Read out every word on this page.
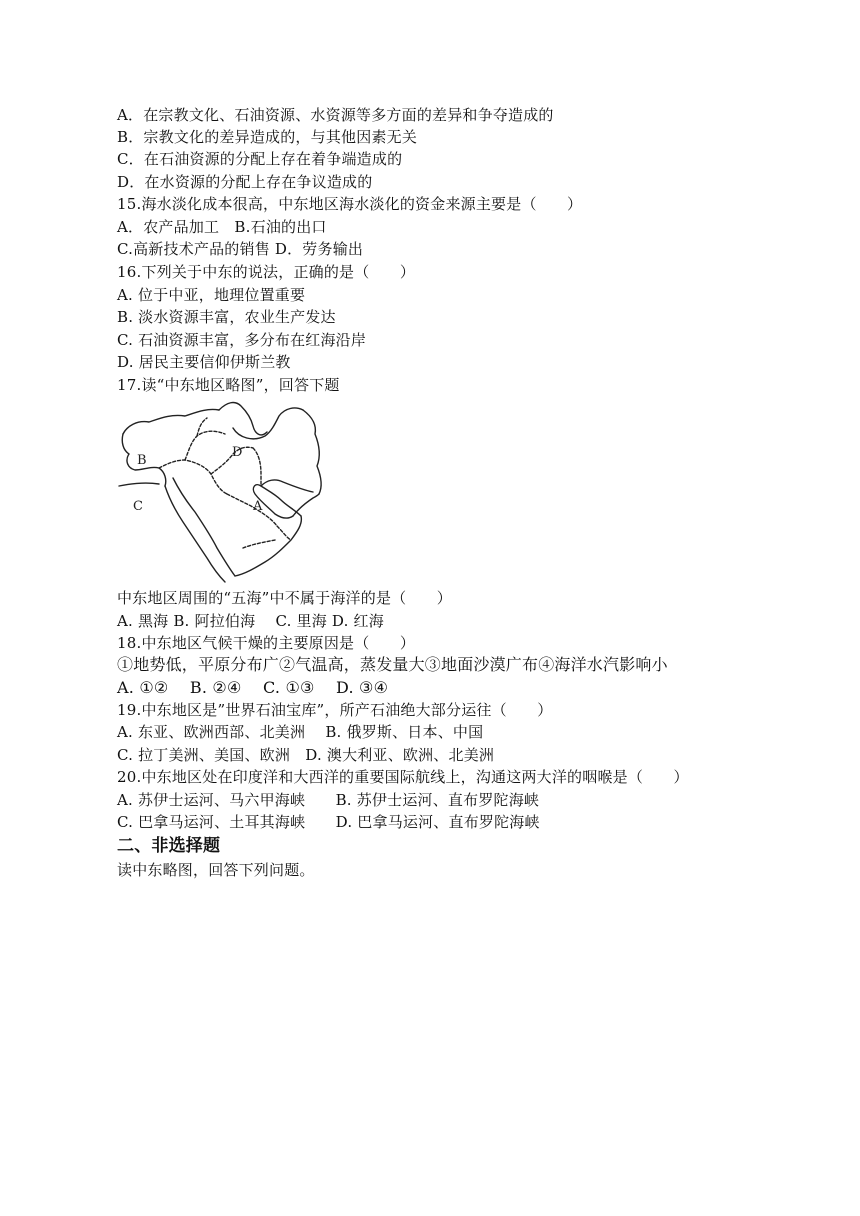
A．在宗教文化、石油资源、水资源等多方面的差异和争夺造成的
B．宗教文化的差异造成的，与其他因素无关
C．在石油资源的分配上存在着争端造成的
D．在水资源的分配上存在争议造成的
15.海水淡化成本很高，中东地区海水淡化的资金来源主要是（　　）
A．农产品加工　B.石油的出口
C.高新技术产品的销售 D．劳务输出
16.下列关于中东的说法，正确的是（　　）
A. 位于中亚，地理位置重要
B. 淡水资源丰富，农业生产发达
C. 石油资源丰富，多分布在红海沿岸
D. 居民主要信仰伊斯兰教
17.读“中东地区略图”，回答下题
B
D
C	A
中东地区周围的“五海”中不属于海洋的是（　　）
A. 黑海 B. 阿拉伯海　 C. 里海 D. 红海
18.中东地区气候干燥的主要原因是（　　）
①地势低，平原分布广②气温高，蒸发量大③地面沙漠广布④海洋水汽影响小
A. ①②　 B. ②④　 C. ①③　 D. ③④
19.中东地区是”世界石油宝库”，所产石油绝大部分运往（　　）
A. 东亚、欧洲西部、北美洲　 B. 俄罗斯、日本、中国
C. 拉丁美洲、美国、欧洲　D. 澳大利亚、欧洲、北美洲
20.中东地区处在印度洋和大西洋的重要国际航线上，沟通这两大洋的咽喉是（　　）
A. 苏伊士运河、马六甲海峡　　B. 苏伊士运河、直布罗陀海峡
C. 巴拿马运河、土耳其海峡　　D. 巴拿马运河、直布罗陀海峡
二、非选择题
读中东略图，回答下列问题。
